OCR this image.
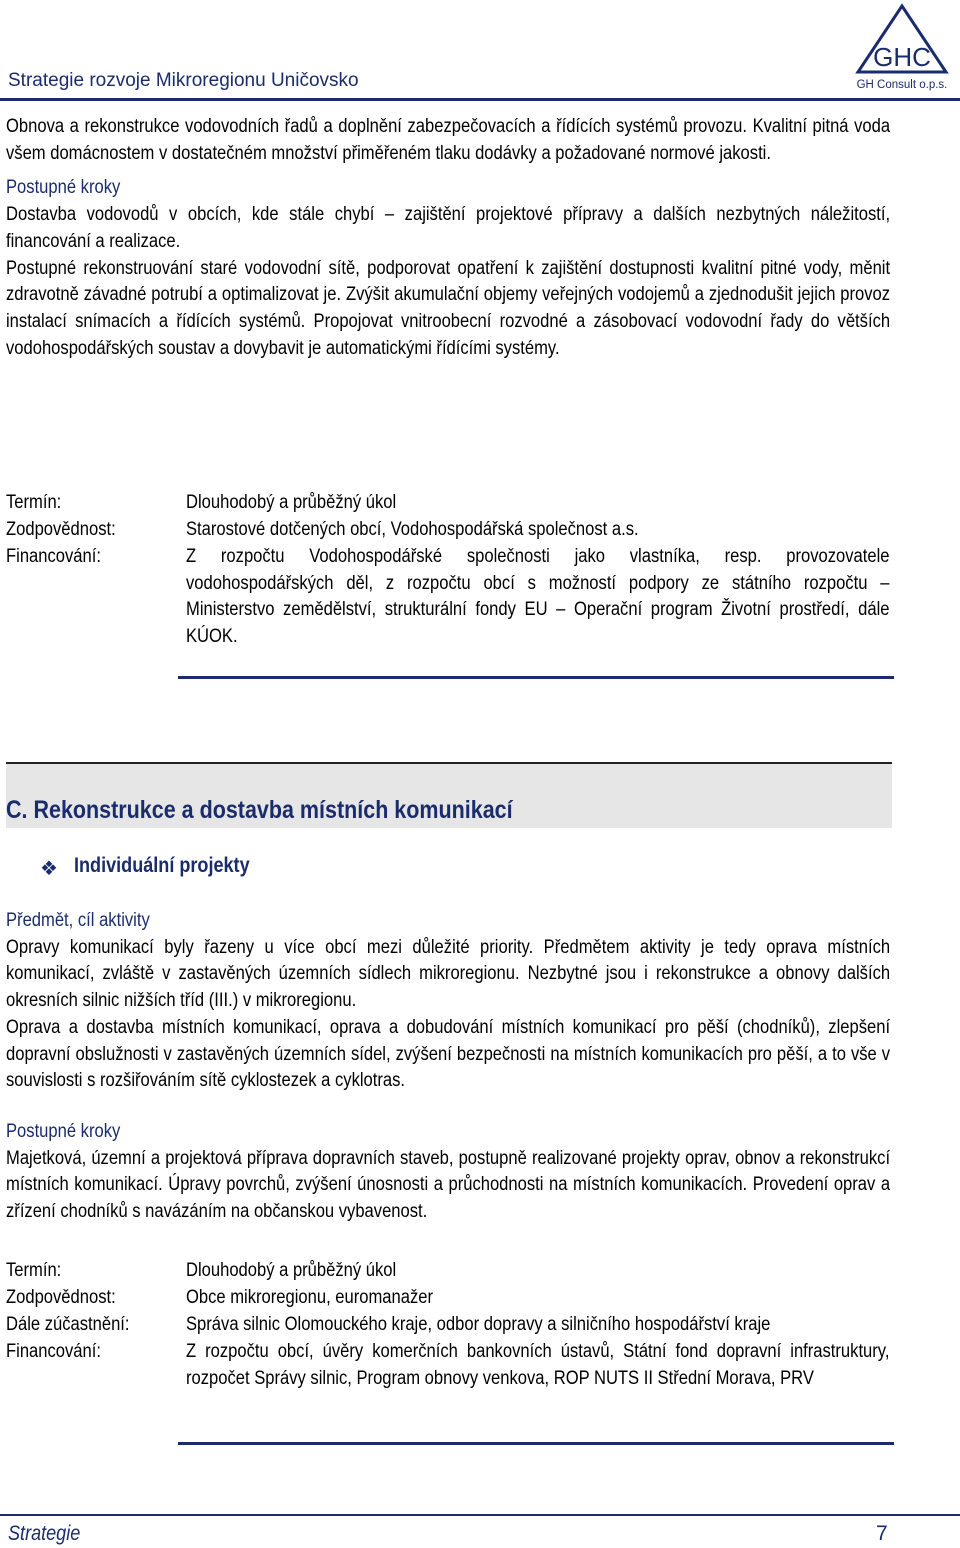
Strategie rozvoje Mikroregionu Uničovsko
GHC
GH Consult o.p.s.

Obnova a rekonstrukce vodovodních řadů a doplnění zabezpečovacích a řídících systémů provozu. Kvalitní pitná voda všem domácnostem v dostatečném množství přiměřeném tlaku dodávky a požadované normové jakosti.

Postupné kroky

Dostavba vodovodů v obcích, kde stále chybí – zajištění projektové přípravy a dalších nezbytných náležitostí, financování a realizace.

Postupné rekonstruování staré vodovodní sítě, podporovat opatření k zajištění dostupnosti kvalitní pitné vody, měnit zdravotně závadné potrubí a optimalizovat je. Zvýšit akumulační objemy veřejných vodojemů a zjednodušit jejich provoz instalací snímacích a řídících systémů. Propojovat vnitroobecní rozvodné a zásobovací vodovodní řady do větších vodohospodářských soustav a dovybavit je automatickými řídícími systémy.

Termín:	Dlouhodobý a průběžný úkol
Zodpovědnost:	Starostové dotčených obcí, Vodohospodářská společnost a.s.
Financování:	Z rozpočtu Vodohospodářské společnosti jako vlastníka, resp. provozovatele vodohospodářských děl, z rozpočtu obcí s možností podpory ze státního rozpočtu – Ministerstvo zemědělství, strukturální fondy EU – Operační program Životní prostředí, dále KÚOK.
C. Rekonstrukce a dostavba místních komunikací
❖ Individuální projekty

Předmět, cíl aktivity

Opravy komunikací byly řazeny u více obcí mezi důležité priority. Předmětem aktivity je tedy oprava místních komunikací, zvláště v zastavěných územních sídlech mikroregionu. Nezbytné jsou i rekonstrukce a obnovy dalších okresních silnic nižších tříd (III.) v mikroregionu.

Oprava a dostavba místních komunikací, oprava a dobudování místních komunikací pro pěší (chodníků), zlepšení dopravní obslužnosti v zastavěných územních sídel, zvýšení bezpečnosti na místních komunikacích pro pěší, a to vše v souvislosti s rozšiřováním sítě cyklostezek a cyklotras.

Postupné kroky

Majetková, územní a projektová příprava dopravních staveb, postupně realizované projekty oprav, obnov a rekonstrukcí místních komunikací. Úpravy povrchů, zvýšení únosnosti a průchodnosti na místních komunikacích. Provedení oprav a zřízení chodníků s navázáním na občanskou vybavenost.

Termín:	Dlouhodobý a průběžný úkol
Zodpovědnost:	Obce mikroregionu, euromanažer
Dále zúčastnění:	Správa silnic Olomouckého kraje, odbor dopravy a silničního hospodářství kraje
Financování:	Z rozpočtu obcí, úvěry komerčních bankovních ústavů, Státní fond dopravní infrastruktury, rozpočet Správy silnic, Program obnovy venkova, ROP NUTS II Střední Morava, PRV
Strategie	7
